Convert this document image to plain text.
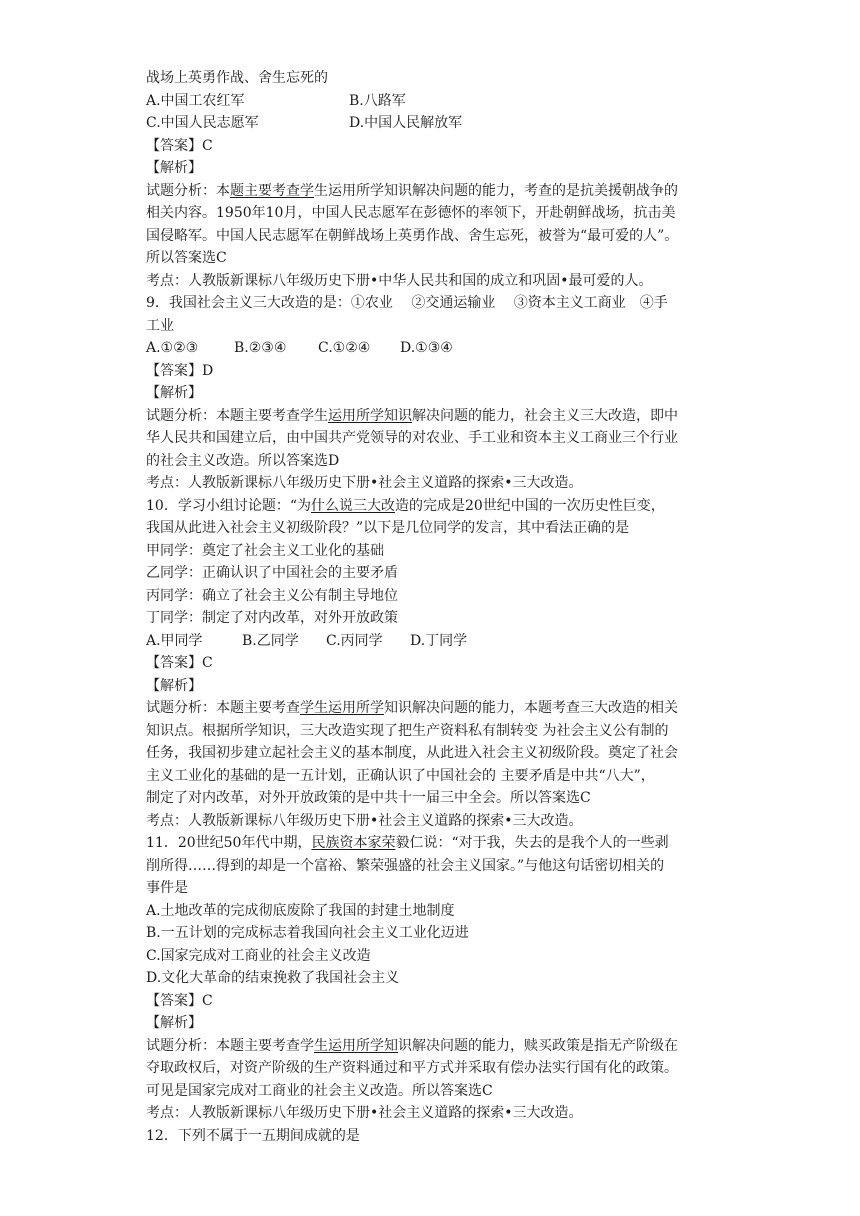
战场上英勇作战、舍生忘死的
A.中国工农红军	B.八路军
C.中国人民志愿军	D.中国人民解放军
【答案】C
【解析】
试题分析：本题主要考查学生运用所学知识解决问题的能力，考查的是抗美援朝战争的
相关内容。1950年10月，中国人民志愿军在彭德怀的率领下，开赴朝鲜战场，抗击美
国侵略军。中国人民志愿军在朝鲜战场上英勇作战、舍生忘死，被誉为“最可爱的人”。
所以答案选C
考点：人教版新课标八年级历史下册•中华人民共和国的成立和巩固•最可爱的人。
9．我国社会主义三大改造的是：①农业　 ②交通运输业　 ③资本主义工商业　④手
工业
A.①②③	B.②③④	C.①②④	D.①③④
【答案】D
【解析】
试题分析：本题主要考查学生运用所学知识解决问题的能力，社会主义三大改造，即中
华人民共和国建立后，由中国共产党领导的对农业、手工业和资本主义工商业三个行业
的社会主义改造。所以答案选D
考点：人教版新课标八年级历史下册•社会主义道路的探索•三大改造。
10．学习小组讨论题：“为什么说三大改造的完成是20世纪中国的一次历史性巨变，
我国从此进入社会主义初级阶段？”以下是几位同学的发言，其中看法正确的是
甲同学：奠定了社会主义工业化的基础
乙同学：正确认识了中国社会的主要矛盾
丙同学：确立了社会主义公有制主导地位
丁同学：制定了对内改革，对外开放政策
A.甲同学	B.乙同学	C.丙同学	D.丁同学
【答案】C
【解析】
试题分析：本题主要考查学生运用所学知识解决问题的能力，本题考查三大改造的相关
知识点。根据所学知识，三大改造实现了把生产资料私有制转变 为社会主义公有制的
任务，我国初步建立起社会主义的基本制度，从此进入社会主义初级阶段。奠定了社会
主义工业化的基础的是一五计划，正确认识了中国社会的 主要矛盾是中共“八大”，
制定了对内改革，对外开放政策的是中共十一届三中全会。所以答案选C
考点：人教版新课标八年级历史下册•社会主义道路的探索•三大改造。
11．20世纪50年代中期，民族资本家荣毅仁说：“对于我，失去的是我个人的一些剥
削所得……得到的却是一个富裕、繁荣强盛的社会主义国家。”与他这句话密切相关的
事件是
A.土地改革的完成彻底废除了我国的封建土地制度
B.一五计划的完成标志着我国向社会主义工业化迈进
C.国家完成对工商业的社会主义改造
D.文化大革命的结束挽救了我国社会主义
【答案】C
【解析】
试题分析：本题主要考查学生运用所学知识解决问题的能力，赎买政策是指无产阶级在
夺取政权后，对资产阶级的生产资料通过和平方式并采取有偿办法实行国有化的政策。
可见是国家完成对工商业的社会主义改造。所以答案选C
考点：人教版新课标八年级历史下册•社会主义道路的探索•三大改造。
12．下列不属于一五期间成就的是
